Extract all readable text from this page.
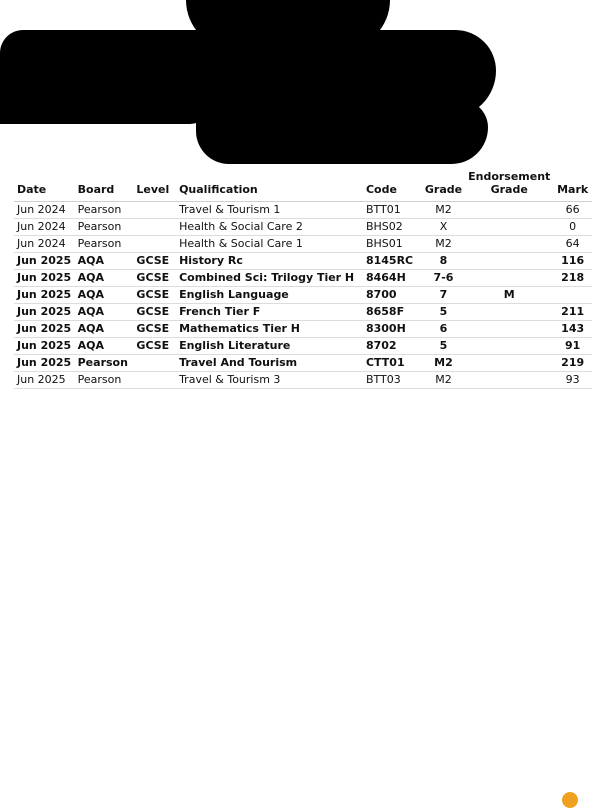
Date	Board	Level	Qualification	Code	Grade	Endorsement Grade	Mark
Jun 2024	Pearson		Travel & Tourism 1	BTT01	M2		66
Jun 2024	Pearson		Health & Social Care 2	BHS02	X		0
Jun 2024	Pearson		Health & Social Care 1	BHS01	M2		64
Jun 2025	AQA	GCSE	History Rc	8145RC	8		116
Jun 2025	AQA	GCSE	Combined Sci: Trilogy Tier H	8464H	7-6		218
Jun 2025	AQA	GCSE	English Language	8700	7	M	
Jun 2025	AQA	GCSE	French Tier F	8658F	5		211
Jun 2025	AQA	GCSE	Mathematics Tier H	8300H	6		143
Jun 2025	AQA	GCSE	English Literature	8702	5		91
Jun 2025	Pearson		Travel And Tourism	CTT01	M2		219
Jun 2025	Pearson		Travel & Tourism 3	BTT03	M2		93
